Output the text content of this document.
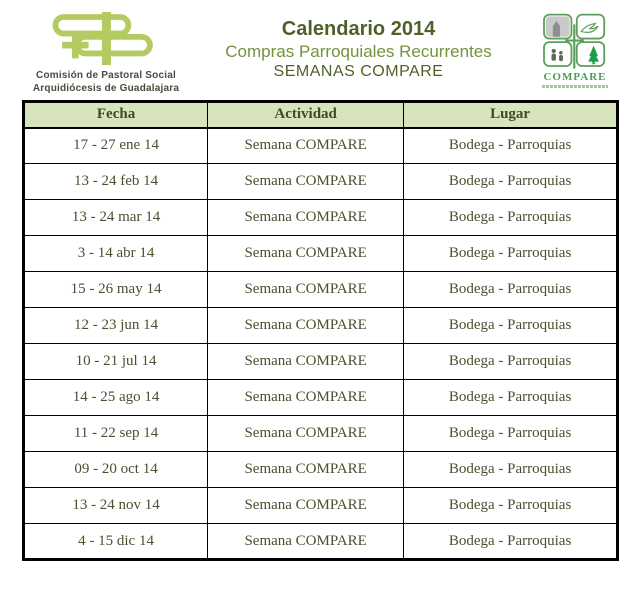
Comisión de Pastoral Social
Arquidiócesis de Guadalajara
Calendario 2014
Compras Parroquiales Recurrentes
SEMANAS COMPARE	COMPARE
Fecha	Actividad	Lugar
17 - 27 ene 14	Semana COMPARE	Bodega - Parroquias
13 - 24 feb 14	Semana COMPARE	Bodega - Parroquias
13 - 24 mar 14	Semana COMPARE	Bodega - Parroquias
3 - 14 abr 14	Semana COMPARE	Bodega - Parroquias
15 - 26 may 14	Semana COMPARE	Bodega - Parroquias
12 - 23 jun 14	Semana COMPARE	Bodega - Parroquias
10 - 21 jul 14	Semana COMPARE	Bodega - Parroquias
14 - 25 ago 14	Semana COMPARE	Bodega - Parroquias
11 - 22 sep 14	Semana COMPARE	Bodega - Parroquias
09 - 20 oct 14	Semana COMPARE	Bodega - Parroquias
13 - 24 nov 14	Semana COMPARE	Bodega - Parroquias
4 - 15 dic 14	Semana COMPARE	Bodega - Parroquias
